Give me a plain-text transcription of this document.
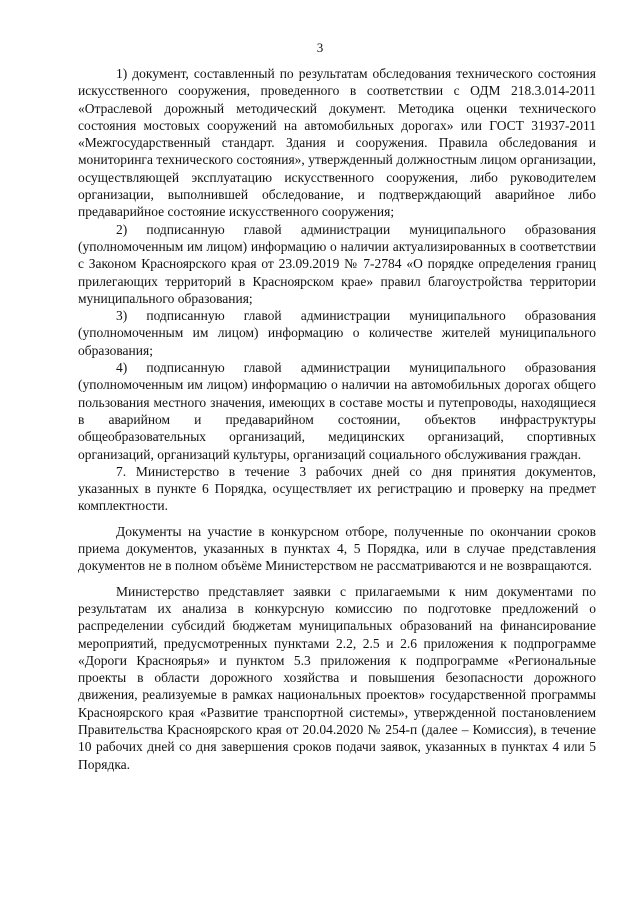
3

1) документ, составленный по результатам обследования технического состояния искусственного сооружения, проведенного в соответствии с ОДМ 218.3.014-2011 «Отраслевой дорожный методический документ. Методика оценки технического состояния мостовых сооружений на автомобильных дорогах» или ГОСТ 31937-2011 «Межгосударственный стандарт. Здания и сооружения. Правила обследования и мониторинга технического состояния», утвержденный должностным лицом организации, осуществляющей эксплуатацию искусственного сооружения, либо руководителем организации, выполнившей обследование, и подтверждающий аварийное либо предаварийное состояние искусственного сооружения;

2) подписанную главой администрации муниципального образования (уполномоченным им лицом) информацию о наличии актуализированных в соответствии с Законом Красноярского края от 23.09.2019 № 7-2784 «О порядке определения границ прилегающих территорий в Красноярском крае» правил благоустройства территории муниципального образования;

3) подписанную главой администрации муниципального образования (уполномоченным им лицом) информацию о количестве жителей муниципального образования;

4) подписанную главой администрации муниципального образования (уполномоченным им лицом) информацию о наличии на автомобильных дорогах общего пользования местного значения, имеющих в составе мосты и путепроводы, находящиеся в аварийном и предаварийном состоянии, объектов инфраструктуры общеобразовательных организаций, медицинских организаций, спортивных организаций, организаций культуры, организаций социального обслуживания граждан.

7. Министерство в течение 3 рабочих дней со дня принятия документов, указанных в пункте 6 Порядка, осуществляет их регистрацию и проверку на предмет комплектности.

Документы на участие в конкурсном отборе, полученные по окончании сроков приема документов, указанных в пунктах 4, 5 Порядка, или в случае представления документов не в полном объёме Министерством не рассматриваются и не возвращаются.

Министерство представляет заявки с прилагаемыми к ним документами по результатам их анализа в конкурсную комиссию по подготовке предложений о распределении субсидий бюджетам муниципальных образований на финансирование мероприятий, предусмотренных пунктами 2.2, 2.5 и 2.6 приложения к подпрограмме «Дороги Красноярья» и пунктом 5.3 приложения к подпрограмме «Региональные проекты в области дорожного хозяйства и повышения безопасности дорожного движения, реализуемые в рамках национальных проектов» государственной программы Красноярского края «Развитие транспортной системы», утвержденной постановлением Правительства Красноярского края от 20.04.2020 № 254-п (далее – Комиссия), в течение 10 рабочих дней со дня завершения сроков подачи заявок, указанных в пунктах 4 или 5 Порядка.
